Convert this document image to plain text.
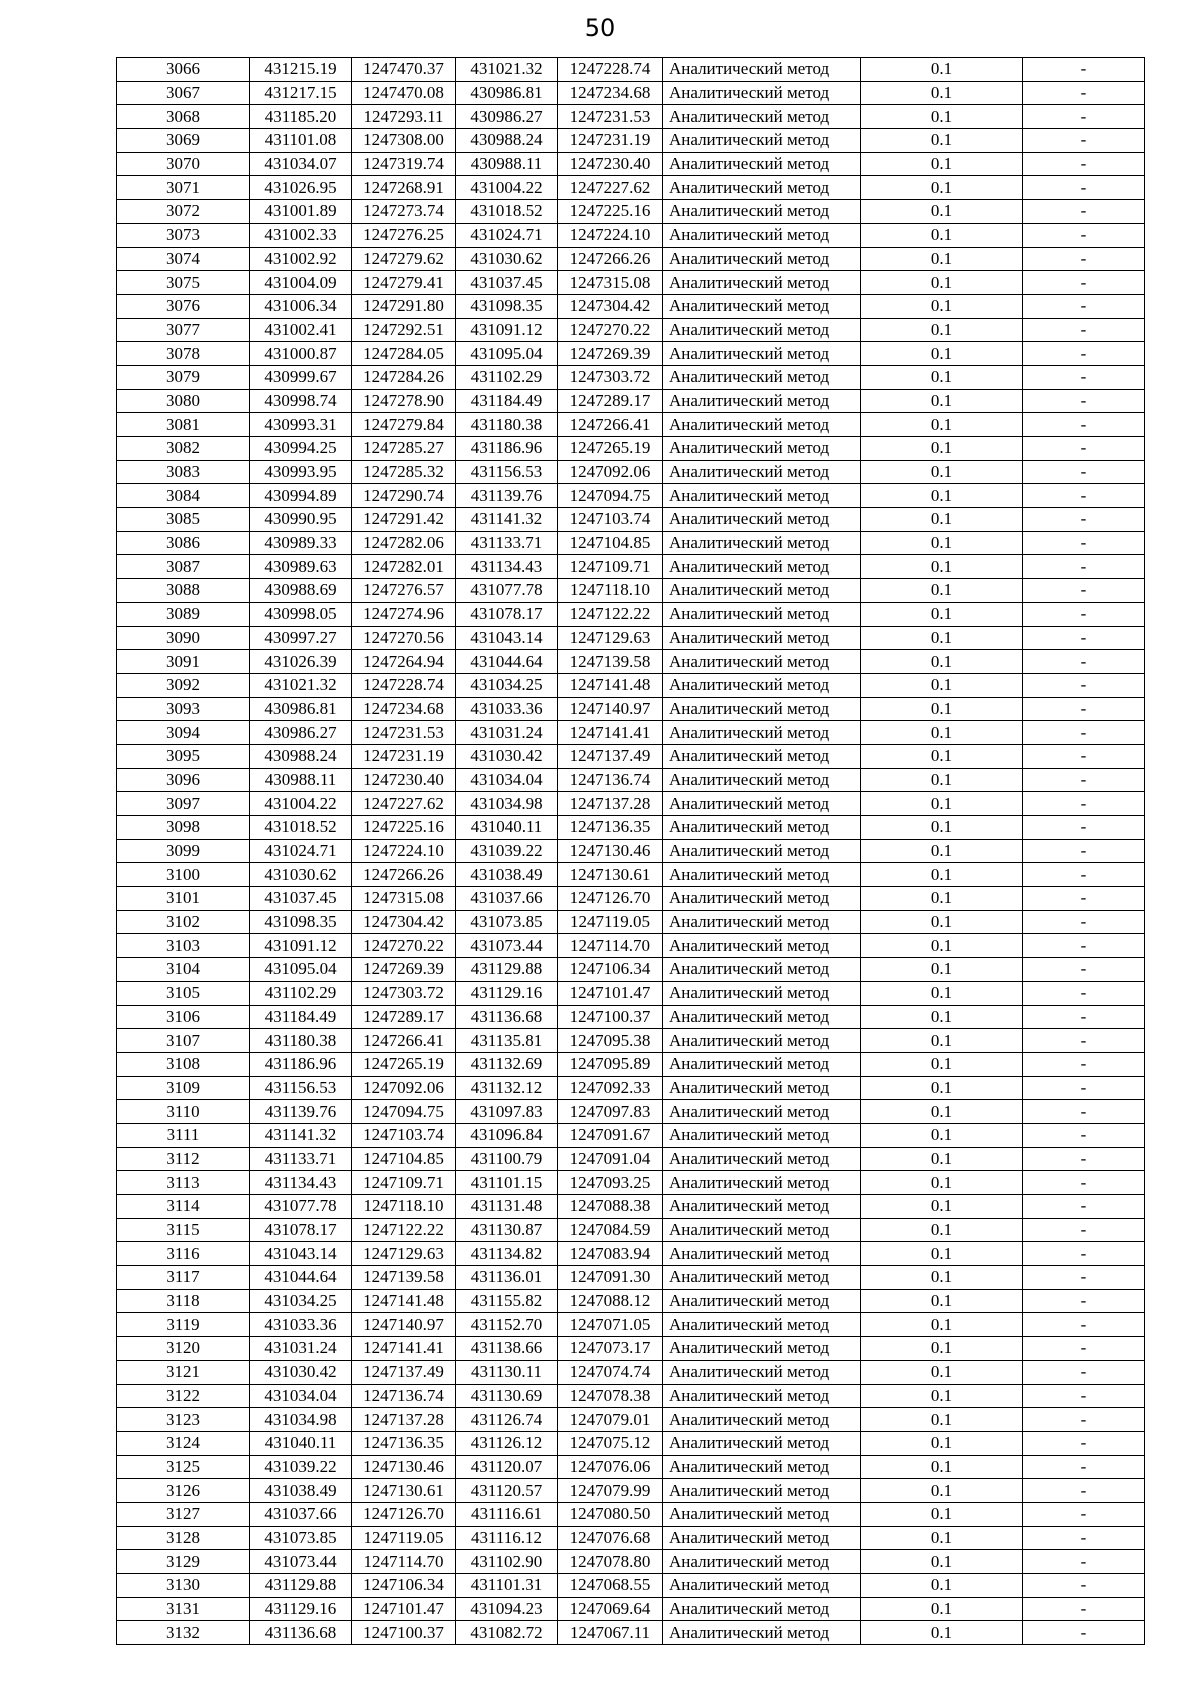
50
3066	431215.19	1247470.37	431021.32	1247228.74	Аналитический метод	0.1	-
3067	431217.15	1247470.08	430986.81	1247234.68	Аналитический метод	0.1	-
3068	431185.20	1247293.11	430986.27	1247231.53	Аналитический метод	0.1	-
3069	431101.08	1247308.00	430988.24	1247231.19	Аналитический метод	0.1	-
3070	431034.07	1247319.74	430988.11	1247230.40	Аналитический метод	0.1	-
3071	431026.95	1247268.91	431004.22	1247227.62	Аналитический метод	0.1	-
3072	431001.89	1247273.74	431018.52	1247225.16	Аналитический метод	0.1	-
3073	431002.33	1247276.25	431024.71	1247224.10	Аналитический метод	0.1	-
3074	431002.92	1247279.62	431030.62	1247266.26	Аналитический метод	0.1	-
3075	431004.09	1247279.41	431037.45	1247315.08	Аналитический метод	0.1	-
3076	431006.34	1247291.80	431098.35	1247304.42	Аналитический метод	0.1	-
3077	431002.41	1247292.51	431091.12	1247270.22	Аналитический метод	0.1	-
3078	431000.87	1247284.05	431095.04	1247269.39	Аналитический метод	0.1	-
3079	430999.67	1247284.26	431102.29	1247303.72	Аналитический метод	0.1	-
3080	430998.74	1247278.90	431184.49	1247289.17	Аналитический метод	0.1	-
3081	430993.31	1247279.84	431180.38	1247266.41	Аналитический метод	0.1	-
3082	430994.25	1247285.27	431186.96	1247265.19	Аналитический метод	0.1	-
3083	430993.95	1247285.32	431156.53	1247092.06	Аналитический метод	0.1	-
3084	430994.89	1247290.74	431139.76	1247094.75	Аналитический метод	0.1	-
3085	430990.95	1247291.42	431141.32	1247103.74	Аналитический метод	0.1	-
3086	430989.33	1247282.06	431133.71	1247104.85	Аналитический метод	0.1	-
3087	430989.63	1247282.01	431134.43	1247109.71	Аналитический метод	0.1	-
3088	430988.69	1247276.57	431077.78	1247118.10	Аналитический метод	0.1	-
3089	430998.05	1247274.96	431078.17	1247122.22	Аналитический метод	0.1	-
3090	430997.27	1247270.56	431043.14	1247129.63	Аналитический метод	0.1	-
3091	431026.39	1247264.94	431044.64	1247139.58	Аналитический метод	0.1	-
3092	431021.32	1247228.74	431034.25	1247141.48	Аналитический метод	0.1	-
3093	430986.81	1247234.68	431033.36	1247140.97	Аналитический метод	0.1	-
3094	430986.27	1247231.53	431031.24	1247141.41	Аналитический метод	0.1	-
3095	430988.24	1247231.19	431030.42	1247137.49	Аналитический метод	0.1	-
3096	430988.11	1247230.40	431034.04	1247136.74	Аналитический метод	0.1	-
3097	431004.22	1247227.62	431034.98	1247137.28	Аналитический метод	0.1	-
3098	431018.52	1247225.16	431040.11	1247136.35	Аналитический метод	0.1	-
3099	431024.71	1247224.10	431039.22	1247130.46	Аналитический метод	0.1	-
3100	431030.62	1247266.26	431038.49	1247130.61	Аналитический метод	0.1	-
3101	431037.45	1247315.08	431037.66	1247126.70	Аналитический метод	0.1	-
3102	431098.35	1247304.42	431073.85	1247119.05	Аналитический метод	0.1	-
3103	431091.12	1247270.22	431073.44	1247114.70	Аналитический метод	0.1	-
3104	431095.04	1247269.39	431129.88	1247106.34	Аналитический метод	0.1	-
3105	431102.29	1247303.72	431129.16	1247101.47	Аналитический метод	0.1	-
3106	431184.49	1247289.17	431136.68	1247100.37	Аналитический метод	0.1	-
3107	431180.38	1247266.41	431135.81	1247095.38	Аналитический метод	0.1	-
3108	431186.96	1247265.19	431132.69	1247095.89	Аналитический метод	0.1	-
3109	431156.53	1247092.06	431132.12	1247092.33	Аналитический метод	0.1	-
3110	431139.76	1247094.75	431097.83	1247097.83	Аналитический метод	0.1	-
3111	431141.32	1247103.74	431096.84	1247091.67	Аналитический метод	0.1	-
3112	431133.71	1247104.85	431100.79	1247091.04	Аналитический метод	0.1	-
3113	431134.43	1247109.71	431101.15	1247093.25	Аналитический метод	0.1	-
3114	431077.78	1247118.10	431131.48	1247088.38	Аналитический метод	0.1	-
3115	431078.17	1247122.22	431130.87	1247084.59	Аналитический метод	0.1	-
3116	431043.14	1247129.63	431134.82	1247083.94	Аналитический метод	0.1	-
3117	431044.64	1247139.58	431136.01	1247091.30	Аналитический метод	0.1	-
3118	431034.25	1247141.48	431155.82	1247088.12	Аналитический метод	0.1	-
3119	431033.36	1247140.97	431152.70	1247071.05	Аналитический метод	0.1	-
3120	431031.24	1247141.41	431138.66	1247073.17	Аналитический метод	0.1	-
3121	431030.42	1247137.49	431130.11	1247074.74	Аналитический метод	0.1	-
3122	431034.04	1247136.74	431130.69	1247078.38	Аналитический метод	0.1	-
3123	431034.98	1247137.28	431126.74	1247079.01	Аналитический метод	0.1	-
3124	431040.11	1247136.35	431126.12	1247075.12	Аналитический метод	0.1	-
3125	431039.22	1247130.46	431120.07	1247076.06	Аналитический метод	0.1	-
3126	431038.49	1247130.61	431120.57	1247079.99	Аналитический метод	0.1	-
3127	431037.66	1247126.70	431116.61	1247080.50	Аналитический метод	0.1	-
3128	431073.85	1247119.05	431116.12	1247076.68	Аналитический метод	0.1	-
3129	431073.44	1247114.70	431102.90	1247078.80	Аналитический метод	0.1	-
3130	431129.88	1247106.34	431101.31	1247068.55	Аналитический метод	0.1	-
3131	431129.16	1247101.47	431094.23	1247069.64	Аналитический метод	0.1	-
3132	431136.68	1247100.37	431082.72	1247067.11	Аналитический метод	0.1	-
